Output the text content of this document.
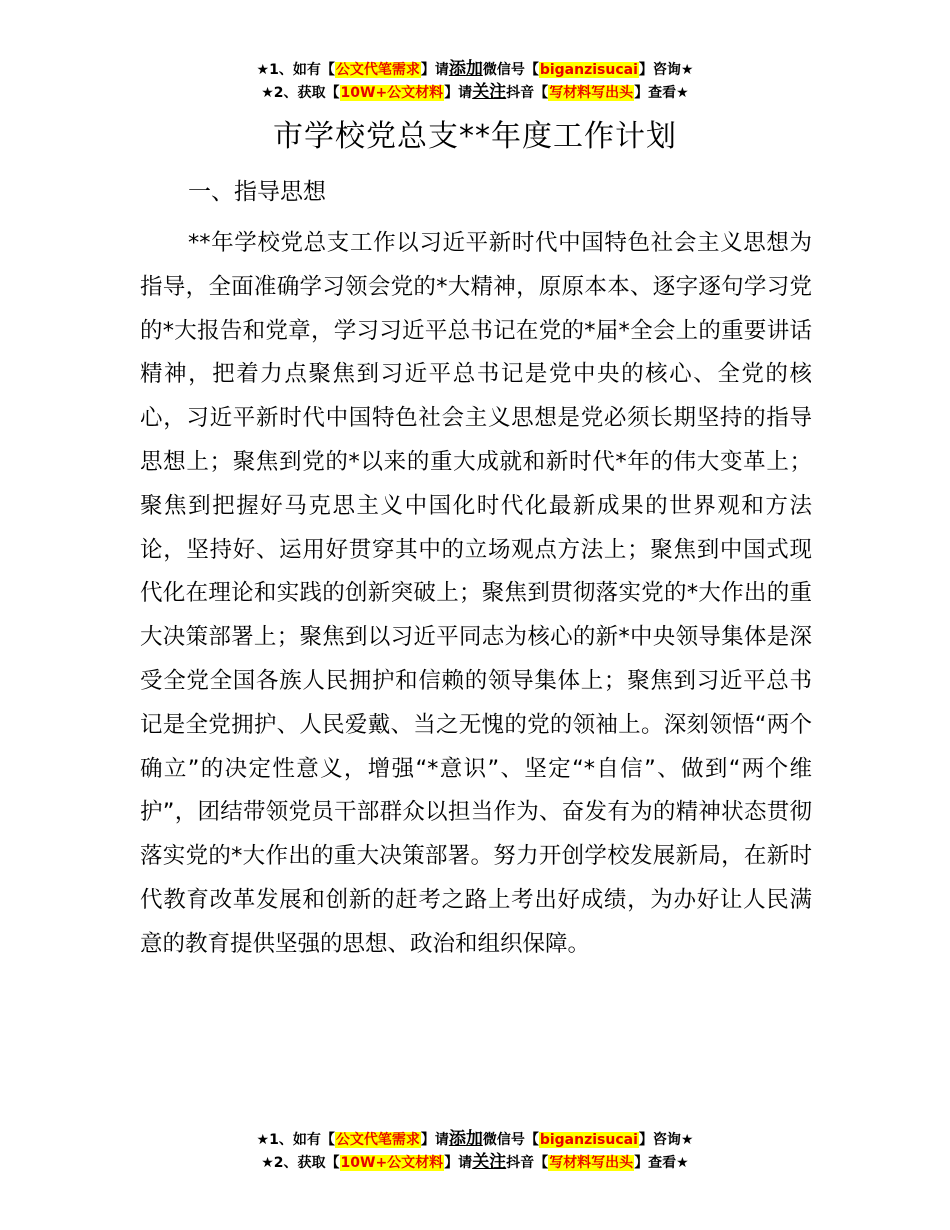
★1、如有【公文代笔需求】请添加微信号【biganzisucai】咨询★
★2、获取【10W+公文材料】请关注抖音【写材料写出头】查看★
市学校党总支**年度工作计划
一、指导思想

**年学校党总支工作以习近平新时代中国特色社会主义思想为指导，全面准确学习领会党的*大精神，原原本本、逐字逐句学习党的*大报告和党章，学习习近平总书记在党的*届*全会上的重要讲话精神，把着力点聚焦到习近平总书记是党中央的核心、全党的核心，习近平新时代中国特色社会主义思想是党必须长期坚持的指导思想上；聚焦到党的*以来的重大成就和新时代*年的伟大变革上；聚焦到把握好马克思主义中国化时代化最新成果的世界观和方法论，坚持好、运用好贯穿其中的立场观点方法上；聚焦到中国式现代化在理论和实践的创新突破上；聚焦到贯彻落实党的*大作出的重大决策部署上；聚焦到以习近平同志为核心的新*中央领导集体是深受全党全国各族人民拥护和信赖的领导集体上；聚焦到习近平总书记是全党拥护、人民爱戴、当之无愧的党的领袖上。深刻领悟“两个确立”的决定性意义，增强“*意识”、坚定“*自信”、做到“两个维护”，团结带领党员干部群众以担当作为、奋发有为的精神状态贯彻落实党的*大作出的重大决策部署。努力开创学校发展新局，在新时代教育改革发展和创新的赶考之路上考出好成绩，为办好让人民满意的教育提供坚强的思想、政治和组织保障。

★1、如有【公文代笔需求】请添加微信号【biganzisucai】咨询★
★2、获取【10W+公文材料】请关注抖音【写材料写出头】查看★
